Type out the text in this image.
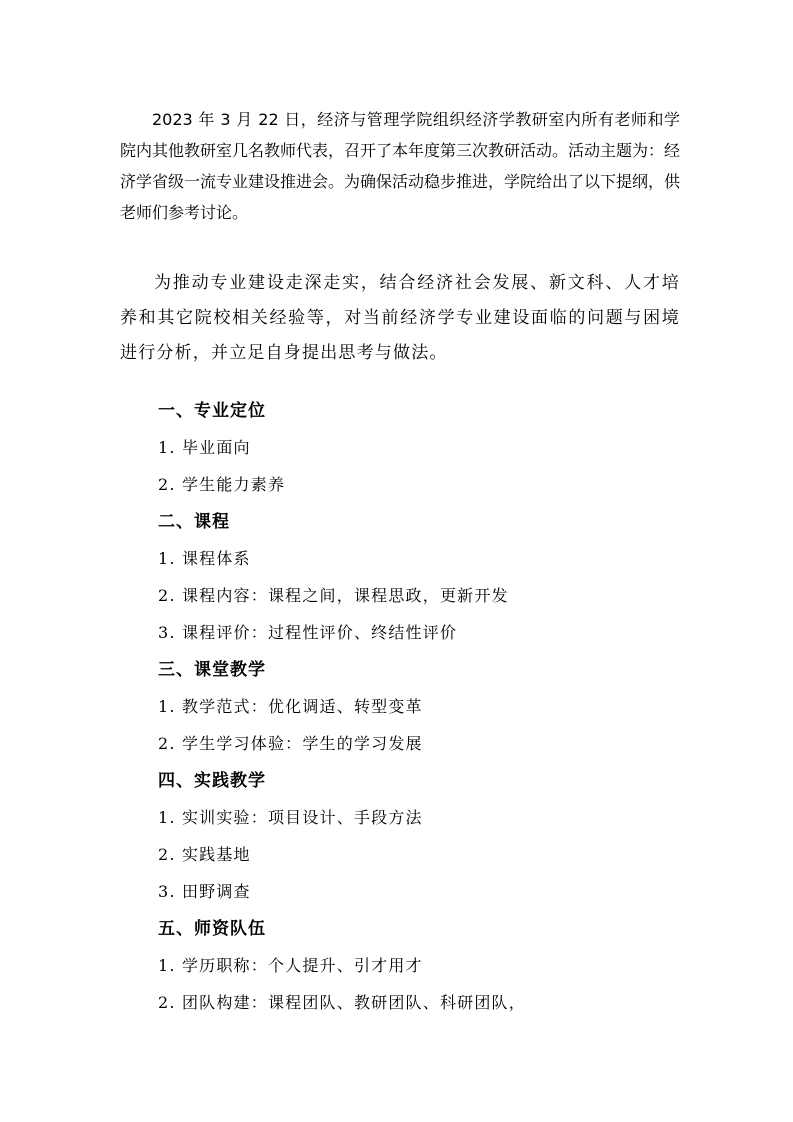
2023 年 3 月 22 日，经济与管理学院组织经济学教研室内所有老师和学院内其他教研室几名教师代表，召开了本年度第三次教研活动。活动主题为：经济学省级一流专业建设推进会。为确保活动稳步推进，学院给出了以下提纲，供老师们参考讨论。

为推动专业建设走深走实，结合经济社会发展、新文科、人才培养和其它院校相关经验等，对当前经济学专业建设面临的问题与困境进行分析，并立足自身提出思考与做法。

一、专业定位
1. 毕业面向
2. 学生能力素养
二、课程
1. 课程体系
2. 课程内容：课程之间，课程思政，更新开发
3. 课程评价：过程性评价、终结性评价
三、课堂教学
1. 教学范式：优化调适、转型变革
2. 学生学习体验：学生的学习发展
四、实践教学
1. 实训实验：项目设计、手段方法
2. 实践基地
3. 田野调查
五、师资队伍
1. 学历职称：个人提升、引才用才
2. 团队构建：课程团队、教研团队、科研团队，
